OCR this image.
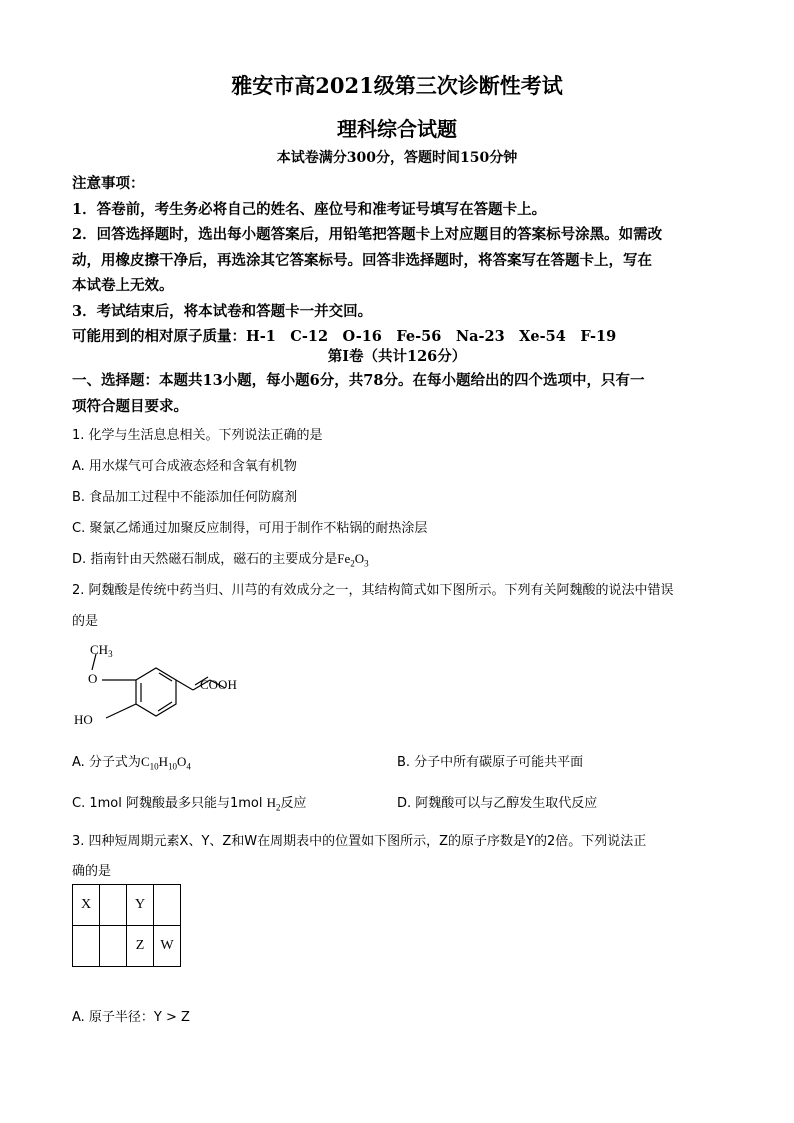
雅安市高2021级第三次诊断性考试
理科综合试题
本试卷满分300分，答题时间150分钟

注意事项：

1．答卷前，考生务必将自己的姓名、座位号和准考证号填写在答题卡上。

2．回答选择题时，选出每小题答案后，用铅笔把答题卡上对应题目的答案标号涂黑。如需改

动，用橡皮擦干净后，再选涂其它答案标号。回答非选择题时，将答案写在答题卡上，写在

本试卷上无效。

3．考试结束后，将本试卷和答题卡一并交回。

可能用到的相对原子质量：H-1　C-12　O-16　Fe-56　Na-23　Xe-54　F-19

第Ⅰ卷（共计126分）
一、选择题：本题共13小题，每小题6分，共78分。在每小题给出的四个选项中，只有一
项符合题目要求。
1. 化学与生活息息相关。下列说法正确的是
A. 用水煤气可合成液态烃和含氧有机物
B. 食品加工过程中不能添加任何防腐剂
C. 聚氯乙烯通过加聚反应制得，可用于制作不粘锅的耐热涂层
D. 指南针由天然磁石制成，磁石的主要成分是$Fe_2O_3$
2. 阿魏酸是传统中药当归、川芎的有效成分之一，其结构简式如下图所示。下列有关阿魏酸的说法中错误
的是
$CH_3$
O	COOH
HO
A. 分子式为$C_{10}H_{10}O_4$	B. 分子中所有碳原子可能共平面
C. 1mol 阿魏酸最多只能与1mol $H_2$反应	D. 阿魏酸可以与乙醇发生取代反应
3. 四种短周期元素X、Y、Z和W在周期表中的位置如下图所示，Z的原子序数是Y的2倍。下列说法正
确的是
X		Y	
		Z	W
A. 原子半径：Y > Z
